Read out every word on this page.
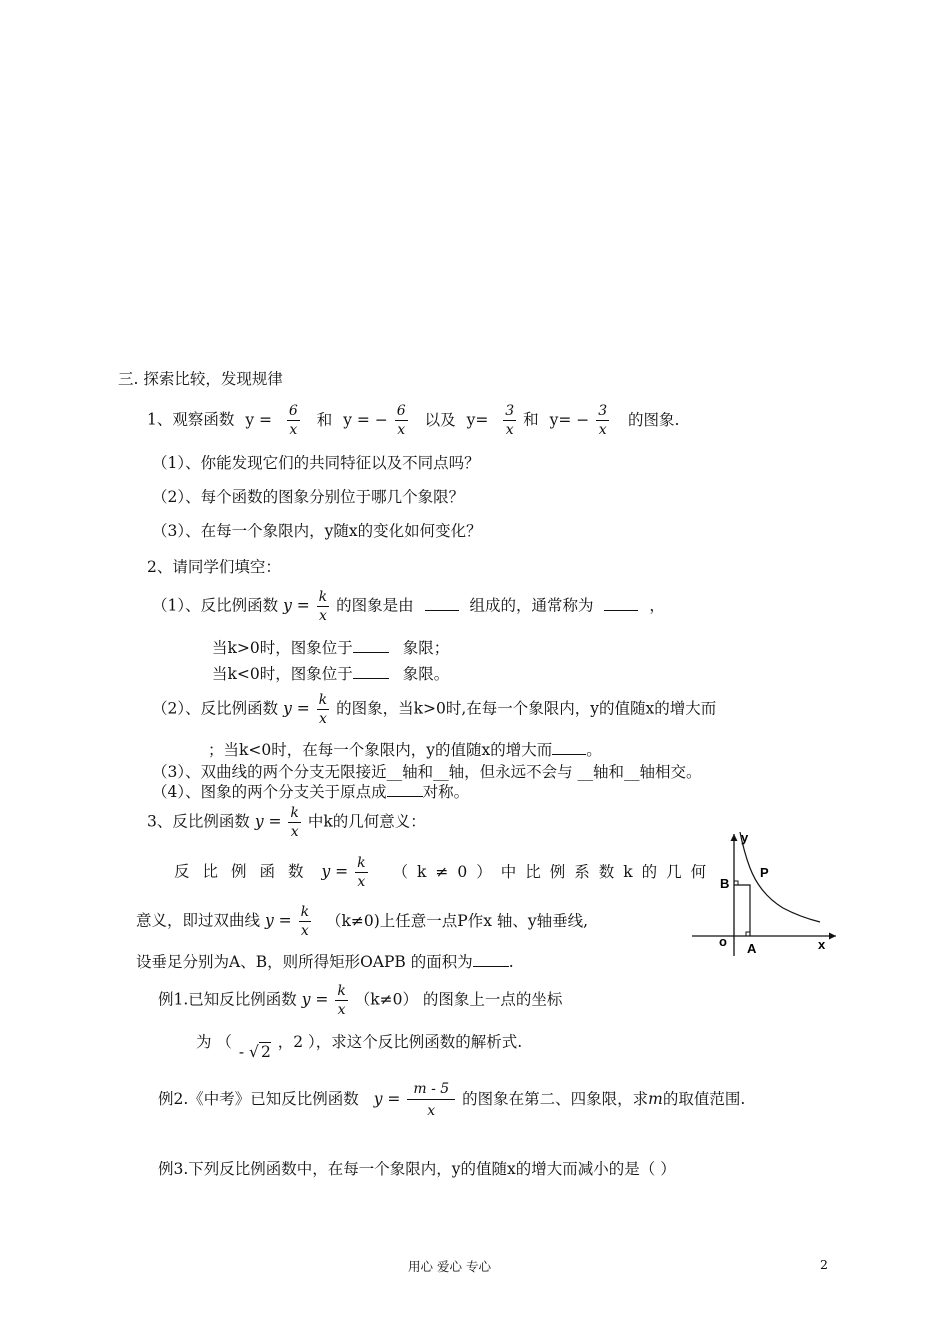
三. 探索比较，发现规律
1、观察函数 $y = \frac{6}{x}$ 和 y = − $\frac{6}{x}$ 以及 $y= \frac{3}{x}$ 和 $y= - \frac{3}{x}$ 的图象.
（1）、你能发现它们的共同特征以及不同点吗？
（2）、每个函数的图象分别位于哪几个象限？
（3）、在每一个象限内，y随x的变化如何变化？
2、请同学们填空：
（1）、反比例函数 $y = \frac{k}{x}$ 的图象是由	组成的，通常称为	，
当k>0时，图象位于	象限；
当k<0时，图象位于	象限。
（2）、反比例函数 $y = \frac{k}{x}$ 的图象，当k>0时,在每一个象限内，y的值随x的增大而
；当k<0时，在每一个象限内，y的值随x的增大而 。
（3）、双曲线的两个分支无限接近__轴和__轴，但永远不会与 __轴和__轴相交。
（4）、图象的两个分支关于原点成 对称。
3、反比例函数 $y = \frac{k}{x}$ 中k的几何意义：
反比例函数 $y = \frac{k}{x} (k\ne 0)$中比例系数k的几何
意义，即过双曲线 $y = \frac{k}{x} (k\ne 0)$上任意一点P作x 轴、y轴垂线,
设垂足分别为A、B，则所得矩形OAPB 的面积为 .
y
x
o A
B
P
例1.已知反比例函数 $y = \frac{k}{x} (k\ne 0)$ 的图象上一点的坐标
为 （ - √ 2 ，2 ），求这个反比例函数的解析式.
例2.《中考》已知反比例函数 $y = \frac{m - 5}{x}$ 的图象在第二、四象限，求m的取值范围.
例3.下列反比例函数中，在每一个象限内，y的值随x的增大而减小的是（ ）
用心 爱心 专心	2
